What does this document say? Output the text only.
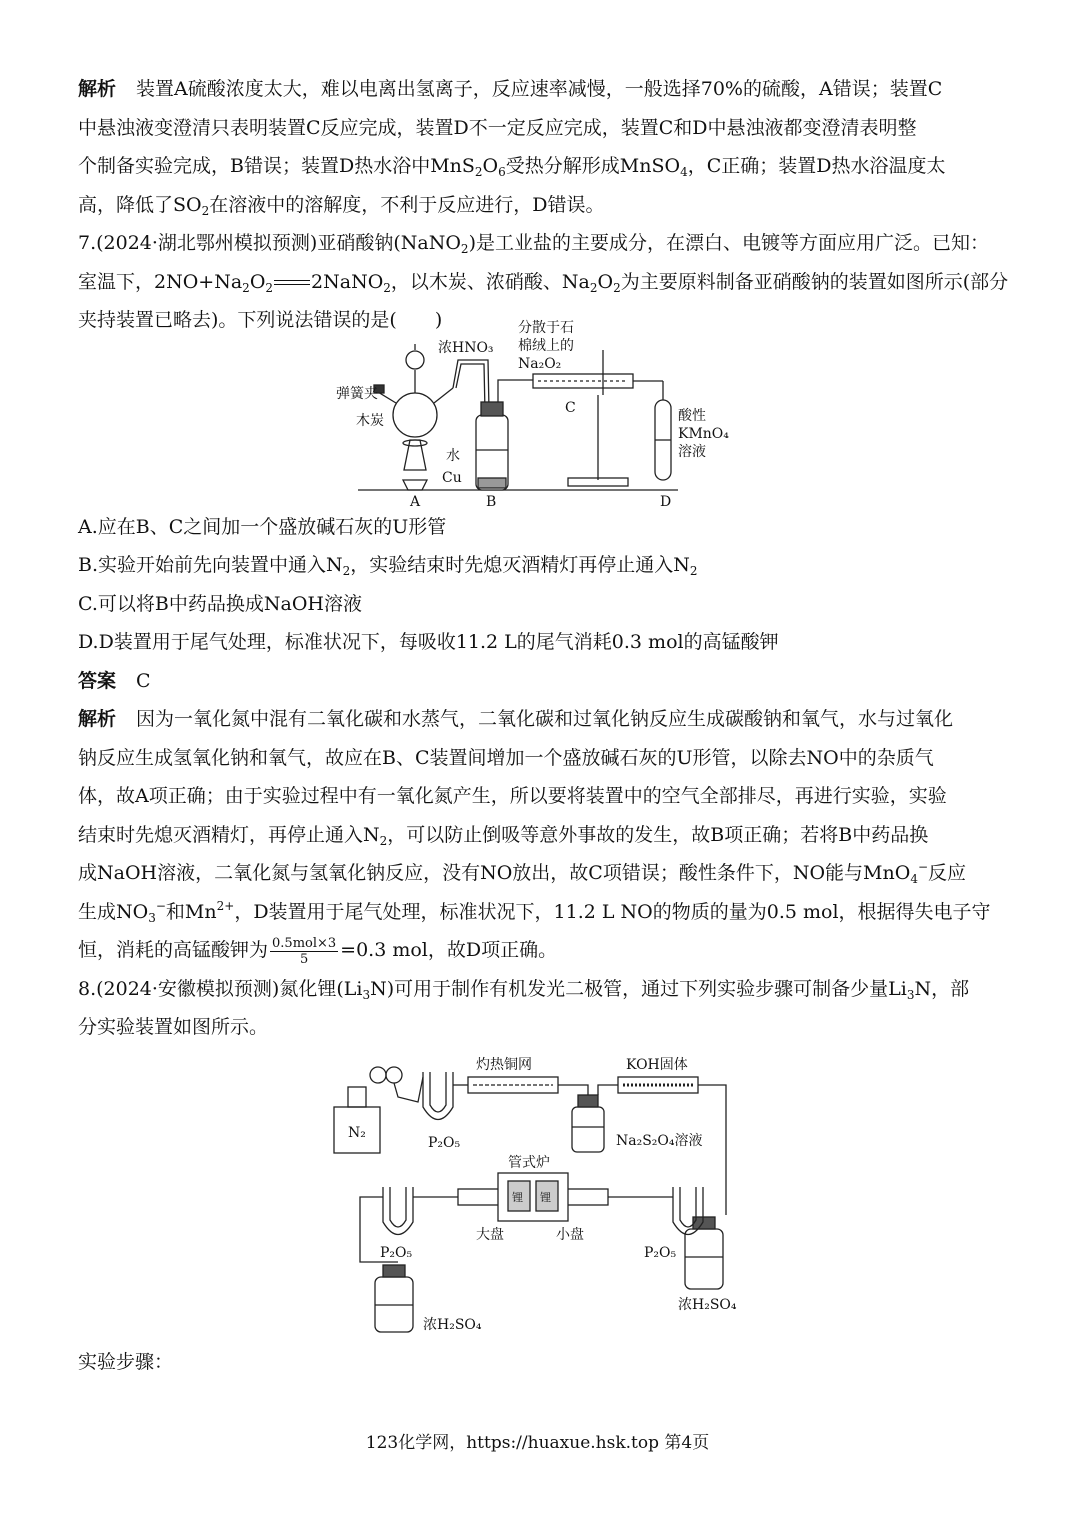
解析 装置A硫酸浓度太大，难以电离出氢离子，反应速率减慢，一般选择70%的硫酸，A错误；装置C
中悬浊液变澄清只表明装置C反应完成，装置D不一定反应完成，装置C和D中悬浊液都变澄清表明整
个制备实验完成，B错误；装置D热水浴中$MnS_2O_6$受热分解形成MnSO$_4$，C正确；装置D热水浴温度太
高，降低了$SO_2$在溶液中的溶解度，不利于反应进行，D错误。
7.(2024·湖北鄂州模拟预测)亚硝酸钠(NaNO$_2$)是工业盐的主要成分，在漂白、电镀等方面应用广泛。已知：
室温下，$2NO+Na_2O_2$ 2NaNO$_2$，以木炭、浓硝酸、$Na_2O_2$为主要原料制备亚硝酸钠的装置如图所示(部分
夹持装置已略去)。下列说法错误的是(　　)
浓HNO₃
弹簧夹
木炭
水
Cu
分散于石
棉绒上的
Na₂O₂
C	酸性
KMnO₄
溶液
A	B	D
A.应在B、C之间加一个盛放碱石灰的U形管
B.实验开始前先向装置中通入$N_2$，实验结束时先熄灭酒精灯再停止通入$N_2$
C.可以将B中药品换成NaOH溶液
D.D装置用于尾气处理，标准状况下，每吸收11.2 L的尾气消耗0.3 mol的高锰酸钾
答案 C
解析 因为一氧化氮中混有二氧化碳和水蒸气，二氧化碳和过氧化钠反应生成碳酸钠和氧气，水与过氧化
钠反应生成氢氧化钠和氧气，故应在B、C装置间增加一个盛放碱石灰的U形管，以除去NO中的杂质气
体，故A项正确；由于实验过程中有一氧化氮产生，所以要将装置中的空气全部排尽，再进行实验，实验
结束时先熄灭酒精灯，再停止通入$N_2$，可以防止倒吸等意外事故的发生，故B项正确；若将B中药品换
成NaOH溶液，二氧化氮与氢氧化钠反应，没有NO放出，故C项错误；酸性条件下，NO能与MnO$_4$−反应
生成$NO_3^-$和$Mn^{2+}$，D装置用于尾气处理，标准状况下，11.2 L NO的物质的量为0.5 mol，根据得失电子守
恒，消耗的高锰酸钾为 $\frac{\text{0.5mol×3}}{5} =0.3$ mol，故D项正确。
8.(2024·安徽模拟预测)氮化锂$(Li_3N)$可用于制作有机发光二极管，通过下列实验步骤可制备少量$Li_3N$，部
分实验装置如图所示。
灼热铜网	KOH固体
N₂
P₂O₅	Na₂S₂O₄溶液
管式炉
锂 锂
大盘	小盘
P₂O₅	P₂O₅
浓H₂SO₄
浓H₂SO₄
实验步骤：
123化学网，https://huaxue.hsk.top 第4页
